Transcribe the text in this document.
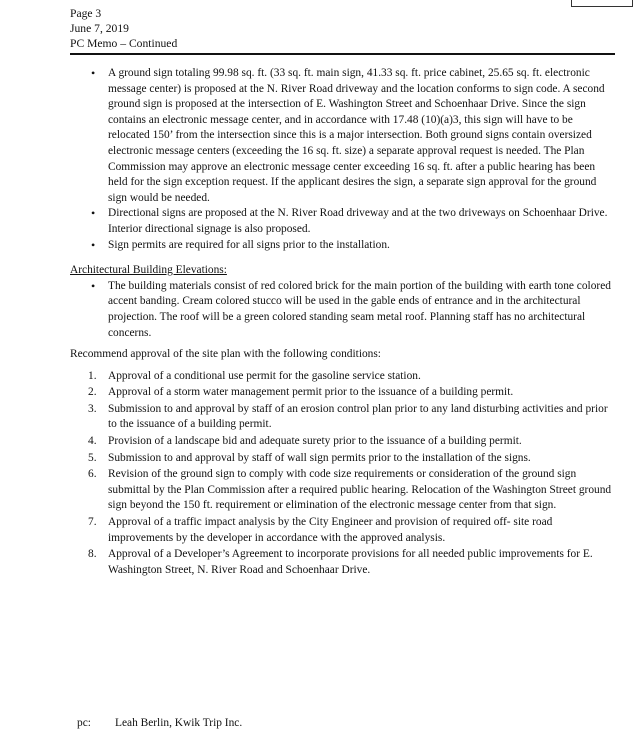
Page 3
June 7, 2019
PC Memo – Continued
• A ground sign totaling 99.98 sq. ft. (33 sq. ft. main sign, 41.33 sq. ft. price cabinet, 25.65 sq. ft. electronic message center) is proposed at the N. River Road driveway and the location conforms to sign code. A second ground sign is proposed at the intersection of E. Washington Street and Schoenhaar Drive. Since the sign contains an electronic message center, and in accordance with 17.48 (10)(a)3, this sign will have to be relocated 150’ from the intersection since this is a major intersection. Both ground signs contain oversized electronic message centers (exceeding the 16 sq. ft. size) a separate approval request is needed. The Plan Commission may approve an electronic message center exceeding 16 sq. ft. after a public hearing has been held for the sign exception request. If the applicant desires the sign, a separate sign approval for the ground sign would be needed.
• Directional signs are proposed at the N. River Road driveway and at the two driveways on Schoenhaar Drive. Interior directional signage is also proposed.
• Sign permits are required for all signs prior to the installation.
Architectural Building Elevations:
• The building materials consist of red colored brick for the main portion of the building with earth tone colored accent banding. Cream colored stucco will be used in the gable ends of entrance and in the architectural projection. The roof will be a green colored standing seam metal roof. Planning staff has no architectural concerns.
Recommend approval of the site plan with the following conditions:
1. Approval of a conditional use permit for the gasoline service station.
2. Approval of a storm water management permit prior to the issuance of a building permit.
3. Submission to and approval by staff of an erosion control plan prior to any land disturbing activities and prior to the issuance of a building permit.
4. Provision of a landscape bid and adequate surety prior to the issuance of a building permit.
5. Submission to and approval by staff of wall sign permits prior to the installation of the signs.
6. Revision of the ground sign to comply with code size requirements or consideration of the ground sign submittal by the Plan Commission after a required public hearing. Relocation of the Washington Street ground sign beyond the 150 ft. requirement or elimination of the electronic message center from that sign.
7. Approval of a traffic impact analysis by the City Engineer and provision of required off- site road improvements by the developer in accordance with the approved analysis.
8. Approval of a Developer’s Agreement to incorporate provisions for all needed public improvements for E. Washington Street, N. River Road and Schoenhaar Drive.
pc: Leah Berlin, Kwik Trip Inc.
